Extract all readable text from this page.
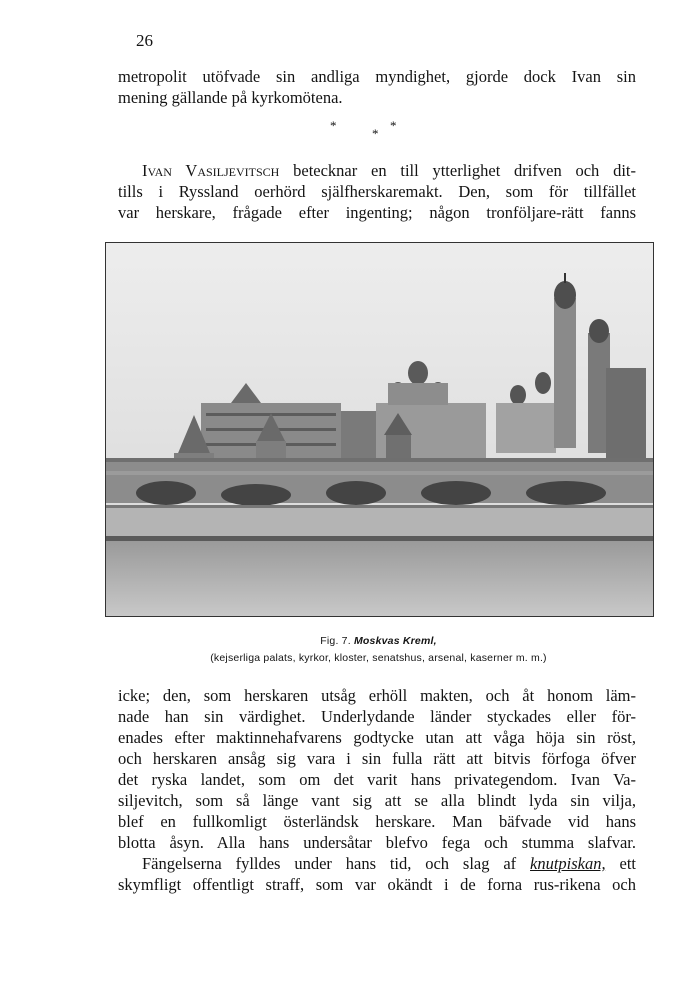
26
metropolit utöfvade sin andliga myndighet, gjorde dock Ivan sin
mening gällande på kyrkomötena.
*
*
*
Ivan Vasiljevitsch betecknar en till ytterlighet drifven och dit-
tills i Ryssland oerhörd själfherskaremakt. Den, som för tillfället
var herskare, frågade efter ingenting; någon tronföljare-rätt fanns
Fig. 7. Moskvas Kreml,
(kejserliga palats, kyrkor, kloster, senatshus, arsenal, kaserner m. m.)
icke; den, som herskaren utsåg erhöll makten, och åt honom läm-
nade han sin värdighet. Underlydande länder styckades eller för-
enades efter maktinnehafvarens godtycke utan att våga höja sin röst,
och herskaren ansåg sig vara i sin fulla rätt att bitvis förfoga öfver
det ryska landet, som om det varit hans privategendom. Ivan Va-
siljevitch, som så länge vant sig att se alla blindt lyda sin vilja,
blef en fullkomligt österländsk herskare. Man bäfvade vid hans
blotta åsyn. Alla hans undersåtar blefvo fega och stumma slafvar.
Fängelserna fylldes under hans tid, och slag af knutpiskan, ett
skymfligt offentligt straff, som var okändt i de forna rus-rikena och
